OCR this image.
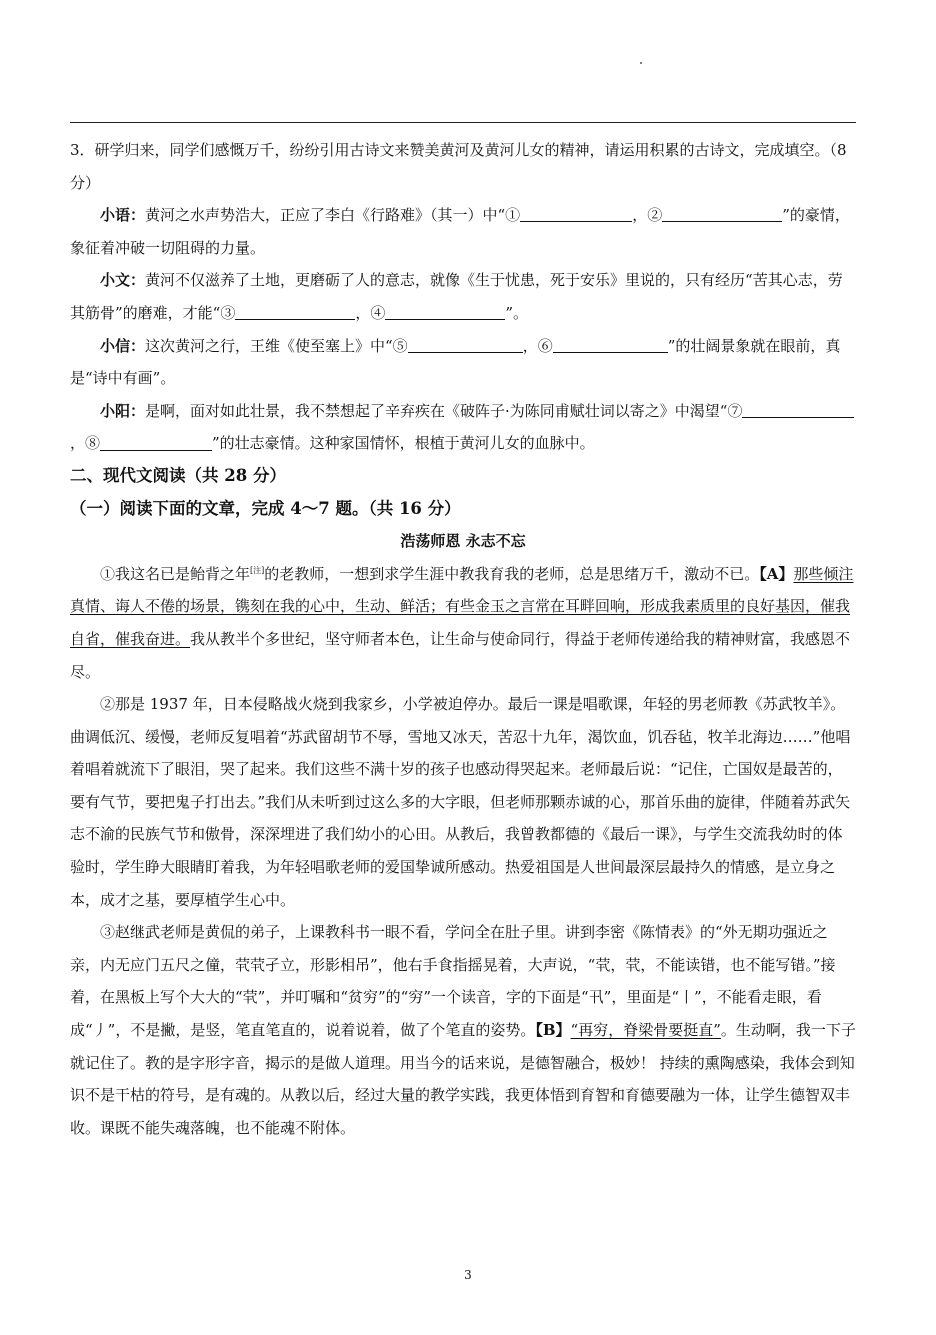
3．研学归来，同学们感慨万千，纷纷引用古诗文来赞美黄河及黄河儿女的精神，请运用积累的古诗文，完成填空。（8分）

小语：黄河之水声势浩大，正应了李白《行路难》（其一）中“①	，②	”的豪情，象征着冲破一切阻碍的力量。

小文：黄河不仅滋养了土地，更磨砺了人的意志，就像《生于忧患，死于安乐》里说的，只有经历“苦其心志，劳其筋骨”的磨难，才能“③	，④	”。

小信：这次黄河之行，王维《使至塞上》中“⑤	，⑥	”的壮阔景象就在眼前，真是“诗中有画”。

小阳：是啊，面对如此壮景，我不禁想起了辛弃疾在《破阵子·为陈同甫赋壮词以寄之》中渴望“⑦，⑧	”的壮志豪情。这种家国情怀，根植于黄河儿女的血脉中。

二、现代文阅读（共 28 分）

（一）阅读下面的文章，完成 4～7 题。（共 16 分）

浩荡师恩 永志不忘

①我这名已是鲐背之年[注]的老教师，一想到求学生涯中教我育我的老师，总是思绪万千，激动不已。【A】那些倾注真情、诲人不倦的场景，镌刻在我的心中，生动、鲜活；有些金玉之言常在耳畔回响，形成我素质里的良好基因，催我自省，催我奋进。我从教半个多世纪，坚守师者本色，让生命与使命同行，得益于老师传递给我的精神财富，我感恩不尽。

②那是 1937 年，日本侵略战火烧到我家乡，小学被迫停办。最后一课是唱歌课，年轻的男老师教《苏武牧羊》。曲调低沉、缓慢，老师反复唱着“苏武留胡节不辱，雪地又冰天，苦忍十九年，渴饮血，饥吞毡，牧羊北海边……”他唱着唱着就流下了眼泪，哭了起来。我们这些不满十岁的孩子也感动得哭起来。老师最后说：“记住，亡国奴是最苦的，要有气节，要把鬼子打出去。”我们从未听到过这么多的大字眼，但老师那颗赤诚的心，那首乐曲的旋律，伴随着苏武矢志不渝的民族气节和傲骨，深深埋进了我们幼小的心田。从教后，我曾教都德的《最后一课》，与学生交流我幼时的体验时，学生睁大眼睛盯着我，为年轻唱歌老师的爱国挚诚所感动。热爱祖国是人世间最深层最持久的情感，是立身之本，成才之基，要厚植学生心中。

③赵继武老师是黄侃的弟子，上课教科书一眼不看，学问全在肚子里。讲到李密《陈情表》的“外无期功强近之亲，内无应门五尺之僮，茕茕孑立，形影相吊”，他右手食指摇晃着，大声说，“茕，茕，不能读错，也不能写错。”接着，在黑板上写个大大的“茕”，并叮嘱和“贫穷”的“穷”一个读音，字的下面是“卂”，里面是“丨”，不能看走眼，看成“丿”，不是撇，是竖，笔直笔直的，说着说着，做了个笔直的姿势。【B】“再穷，脊梁骨要挺直”。生动啊，我一下子就记住了。教的是字形字音，揭示的是做人道理。用当今的话来说，是德智融合，极妙！ 持续的熏陶感染，我体会到知识不是干枯的符号，是有魂的。从教以后，经过大量的教学实践，我更体悟到育智和育德要融为一体，让学生德智双丰收。课既不能失魂落魄，也不能魂不附体。

3
